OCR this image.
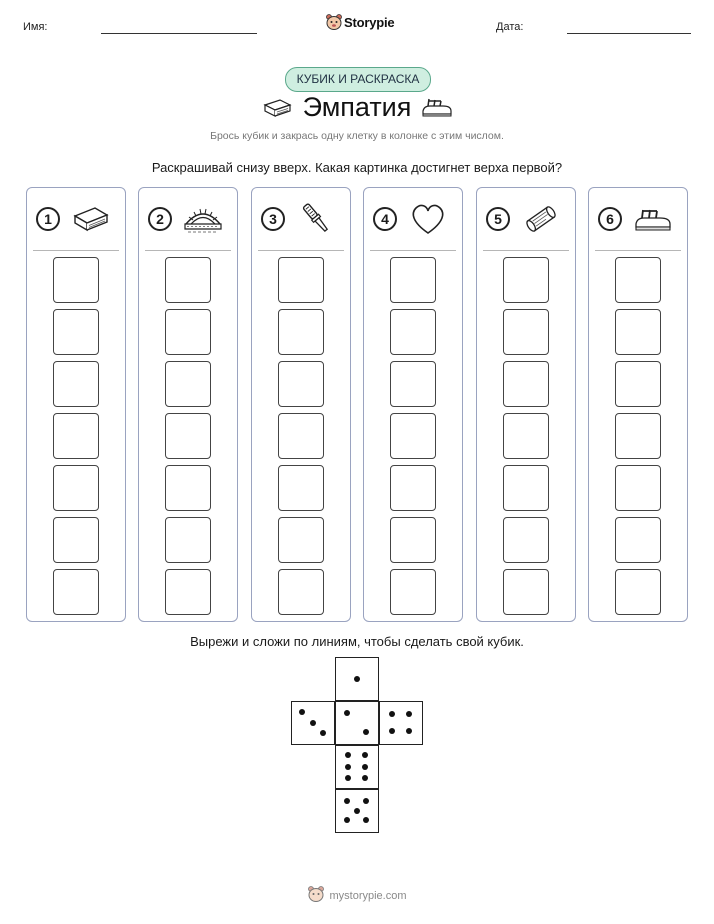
Имя:	Storypie	Дата:
КУБИК И РАСКРАСКА
Эмпатия
Брось кубик и закрась одну клетку в колонке с этим числом.
Раскрашивай снизу вверх. Какая картинка достигнет верха первой?
1	2	3	4	5	6
Вырежи и сложи по линиям, чтобы сделать свой кубик.
mystorypie.com
